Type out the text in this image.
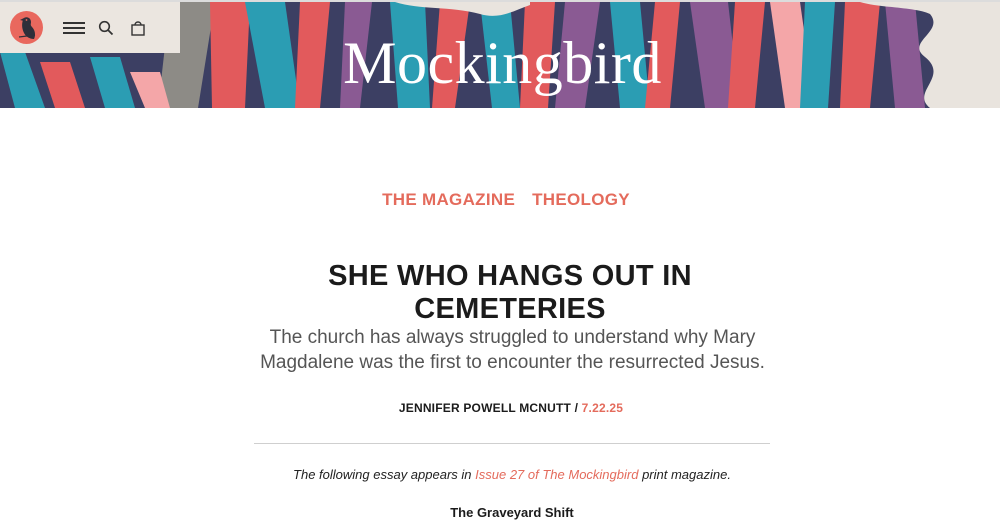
Mockingbird
THE MAGAZINE THEOLOGY
SHE WHO HANGS OUT IN CEMETERIES

The church has always struggled to understand why Mary Magdalene was the first to encounter the resurrected Jesus.

JENNIFER POWELL MCNUTT / 7.22.25

The following essay appears in Issue 27 of The Mockingbird print magazine.

The Graveyard Shift
